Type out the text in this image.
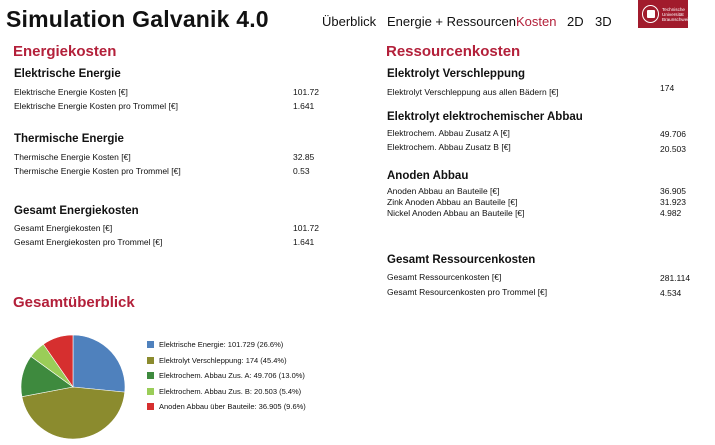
Simulation Galvanik 4.0	Überblick Energie + Ressourcen Kosten 2D 3D
Technische Universität Braunschweig
Energiekosten
Elektrische Energie
Elektrische Energie Kosten [€]	101.72
Elektrische Energie Kosten pro Trommel [€]	1.641
Thermische Energie
Thermische Energie Kosten [€]	32.85
Thermische Energie Kosten pro Trommel [€]	0.53
Gesamt Energiekosten
Gesamt Energiekosten [€]	101.72
Gesamt Energiekosten pro Trommel [€]	1.641
Ressourcenkosten
Elektrolyt Verschleppung
Elektrolyt Verschleppung aus allen Bädern [€]	174
Elektrolyt elektrochemischer Abbau
Elektrochem. Abbau Zusatz A [€]	49.706
Elektrochem. Abbau Zusatz B [€]	20.503
Anoden Abbau
Anoden Abbau an Bauteile [€]	36.905
Zink Anoden Abbau an Bauteile [€]	31.923
Nickel Anoden Abbau an Bauteile [€]	4.982
Gesamt Ressourcenkosten
Gesamt Ressourcenkosten [€]	281.114
Gesamt Resourcenkosten pro Trommel [€]	4.534
Gesamtüberblick
Elektrische Energie: 101.729 (26.6%)
Elektrolyt Verschleppung: 174 (45.4%)
Elektrochem. Abbau Zus. A: 49.706 (13.0%)
Elektrochem. Abbau Zus. B: 20.503 (5.4%)
Anoden Abbau über Bauteile: 36.905 (9.6%)
